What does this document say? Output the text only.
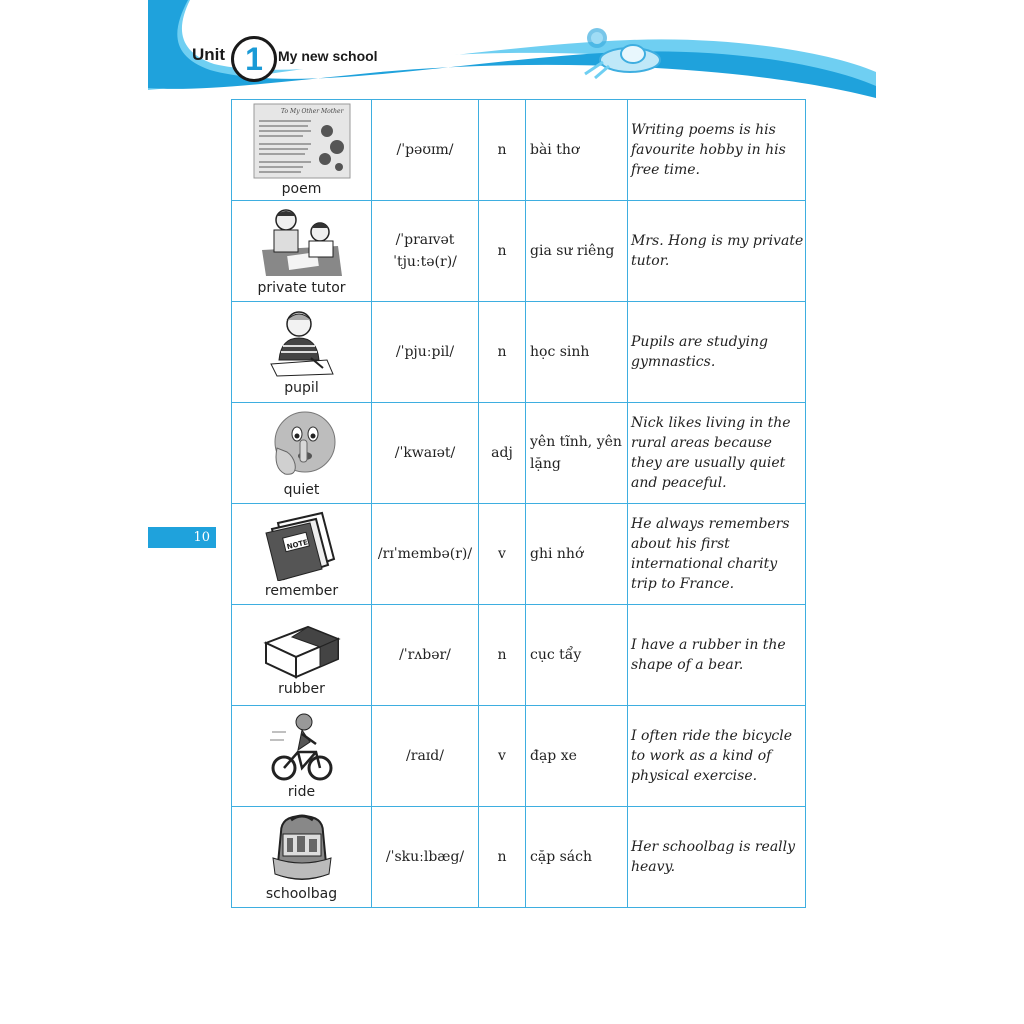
Unit 1	My new school
10
To My Other Mother
poem	/ˈpəʊɪm/	n	bài thơ	Writing poems is his favourite hobby in his free time.

private tutor	/ˈpraɪvət ˈtjuːtə(r)/	n	gia sư riêng	Mrs. Hong is my private tutor.

pupil	/ˈpjuːpil/	n	học sinh	Pupils are studying gymnastics.

quiet	/ˈkwaɪət/	adj	yên tĩnh, yên lặng	Nick likes living in the rural areas because they are usually quiet and peaceful.

NOTE
remember	/rɪˈmembə(r)/	v	ghi nhớ	He always remembers about his first international charity trip to France.

rubber	/ˈrʌbər/	n	cục tẩy	I have a rubber in the shape of a bear.

ride	/raɪd/	v	đạp xe	I often ride the bicycle to work as a kind of physical exercise.

schoolbag	/ˈskuːlbæg/	n	cặp sách	Her schoolbag is really heavy.
